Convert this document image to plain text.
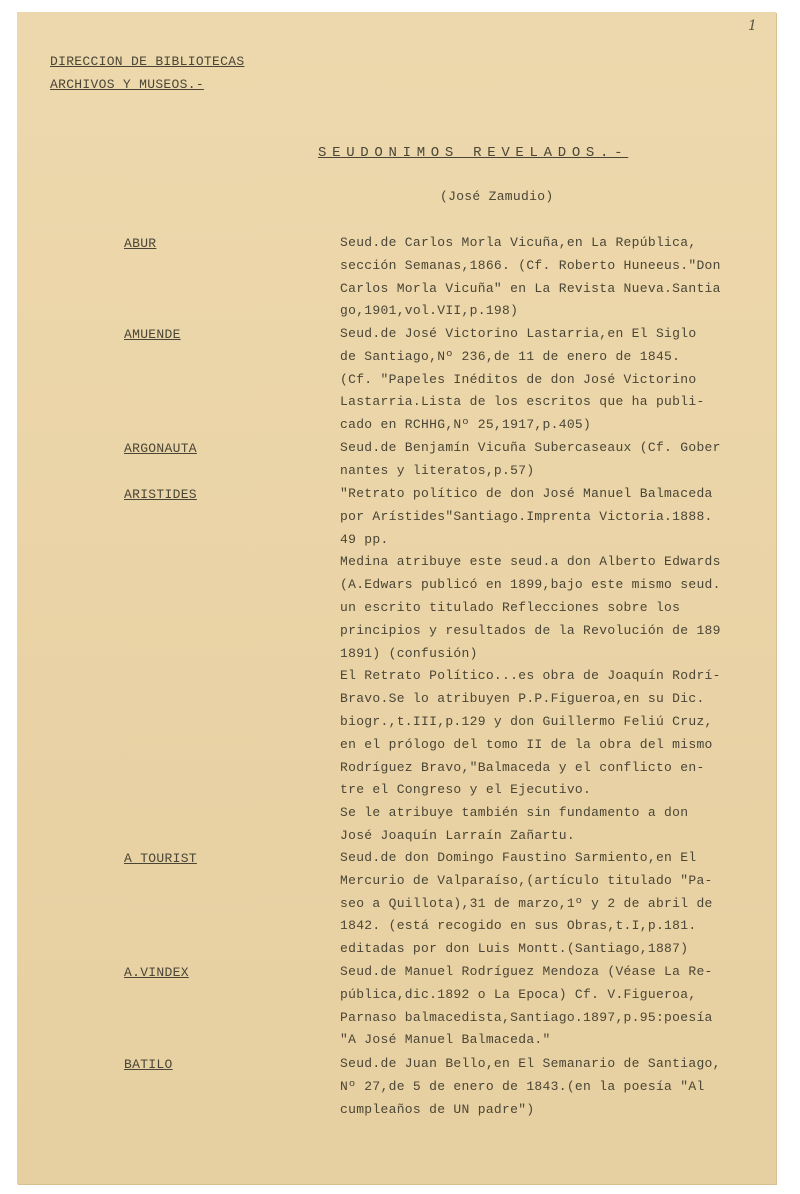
1
DIRECCION DE BIBLIOTECAS
ARCHIVOS Y MUSEOS.-
SEUDONIMOS REVELADOS.-
(José Zamudio)
ABUR	Seud.de Carlos Morla Vicuña,en La República,
sección Semanas,1866. (Cf. Roberto Huneeus."Don
Carlos Morla Vicuña" en La Revista Nueva.Santia
go,1901,vol.VII,p.198)
AMUENDE	Seud.de José Victorino Lastarria,en El Siglo
de Santiago,Nº 236,de 11 de enero de 1845.
(Cf. "Papeles Inéditos de don José Victorino
Lastarria.Lista de los escritos que ha publi-
cado en RCHHG,Nº 25,1917,p.405)
ARGONAUTA	Seud.de Benjamín Vicuña Subercaseaux (Cf. Gober
nantes y literatos,p.57)
ARISTIDES	"Retrato político de don José Manuel Balmaceda
por Arístides"Santiago.Imprenta Victoria.1888.
49 pp.
Medina atribuye este seud.a don Alberto Edwards
(A.Edwars publicó en 1899,bajo este mismo seud.
un escrito titulado Reflecciones sobre los
principios y resultados de la Revolución de 189
1891) (confusión)
El Retrato Político...es obra de Joaquín Rodrí-
Bravo.Se lo atribuyen P.P.Figueroa,en su Dic.
biogr.,t.III,p.129 y don Guillermo Feliú Cruz,
en el prólogo del tomo II de la obra del mismo
Rodríguez Bravo,"Balmaceda y el conflicto en-
tre el Congreso y el Ejecutivo.
Se le atribuye también sin fundamento a don
José Joaquín Larraín Zañartu.
A TOURIST	Seud.de don Domingo Faustino Sarmiento,en El
Mercurio de Valparaíso,(artículo titulado "Pa-
seo a Quillota),31 de marzo,1º y 2 de abril de
1842. (está recogido en sus Obras,t.I,p.181.
editadas por don Luis Montt.(Santiago,1887)
A.VINDEX	Seud.de Manuel Rodríguez Mendoza (Véase La Re-
pública,dic.1892 o La Epoca) Cf. V.Figueroa,
Parnaso balmacedista,Santiago.1897,p.95:poesía
"A José Manuel Balmaceda."
BATILO	Seud.de Juan Bello,en El Semanario de Santiago,
Nº 27,de 5 de enero de 1843.(en la poesía "Al
cumpleaños de UN padre")
